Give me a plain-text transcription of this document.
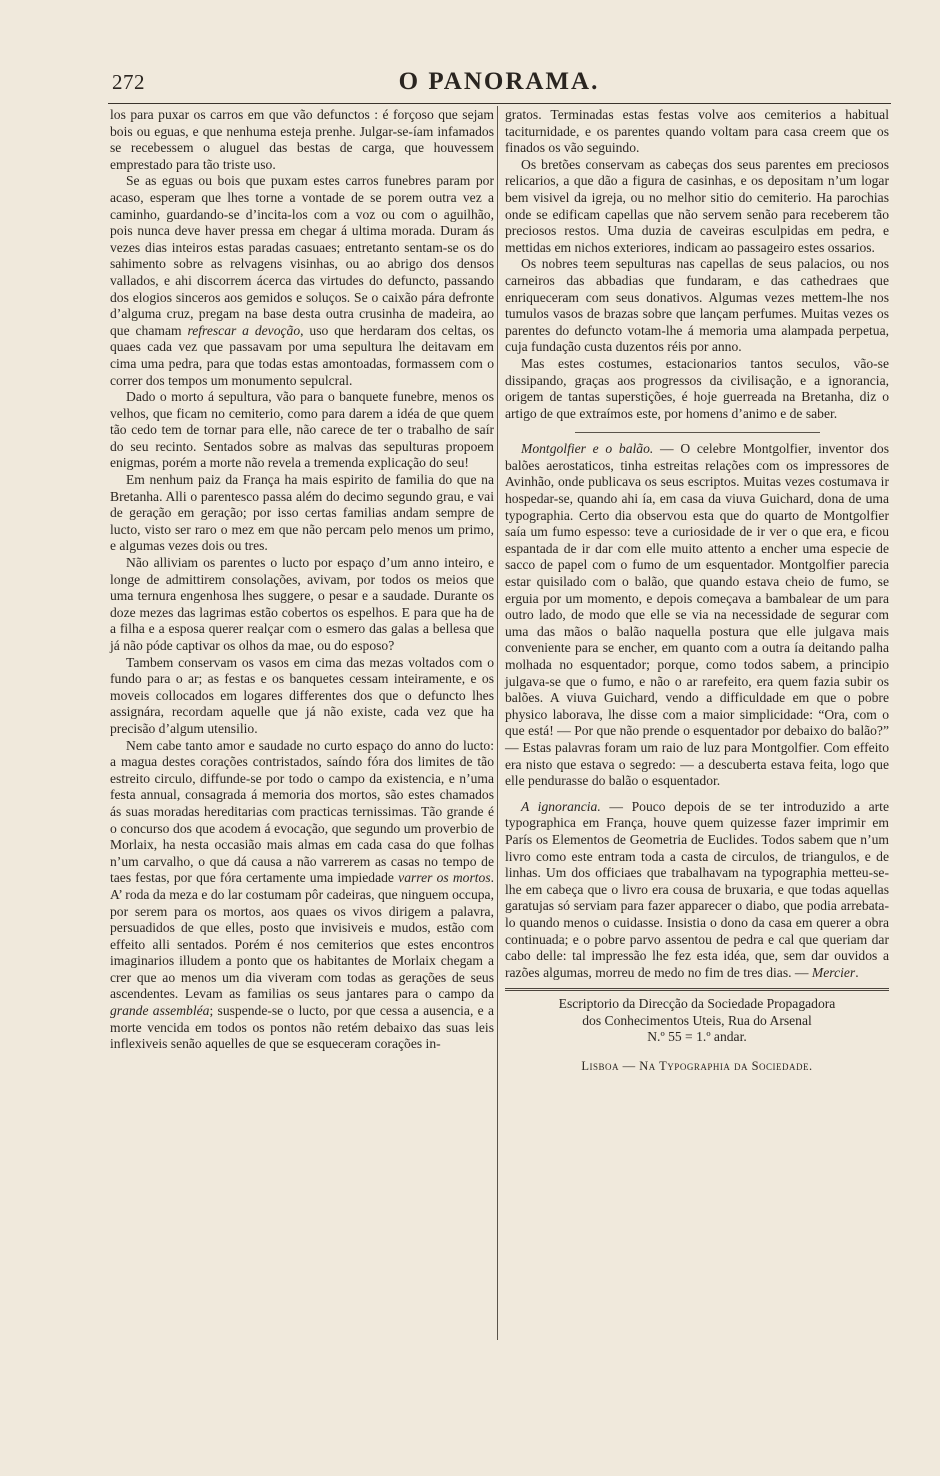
272	O PANORAMA.

los para puxar os carros em que vão defunctos : é forçoso que sejam bois ou eguas, e que nenhuma esteja prenhe. Julgar-se-íam infamados se recebessem o aluguel das bestas de carga, que houvessem emprestado para tão triste uso.

Se as eguas ou bois que puxam estes carros funebres param por acaso, esperam que lhes torne a vontade de se porem outra vez a caminho, guardando-se d’incita-los com a voz ou com o aguilhão, pois nunca deve haver pressa em chegar á ultima morada. Duram ás vezes dias inteiros estas paradas casuaes; entretanto sentam-se os do sahimento sobre as relvagens visinhas, ou ao abrigo dos densos vallados, e ahi discorrem ácerca das virtudes do defuncto, passando dos elogios sinceros aos gemidos e soluços. Se o caixão pára defronte d’alguma cruz, pregam na base desta outra crusinha de madeira, ao que chamam refrescar a devoção, uso que herdaram dos celtas, os quaes cada vez que passavam por uma sepultura lhe deitavam em cima uma pedra, para que todas estas amontoadas, formassem com o correr dos tempos um monumento sepulcral.

Dado o morto á sepultura, vão para o banquete funebre, menos os velhos, que ficam no cemiterio, como para darem a idéa de que quem tão cedo tem de tornar para elle, não carece de ter o trabalho de saír do seu recinto. Sentados sobre as malvas das sepulturas propoem enigmas, porém a morte não revela a tremenda explicação do seu!

Em nenhum paiz da França ha mais espirito de familia do que na Bretanha. Alli o parentesco passa além do decimo segundo grau, e vai de geração em geração; por isso certas familias andam sempre de lucto, visto ser raro o mez em que não percam pelo menos um primo, e algumas vezes dois ou tres.

Não alliviam os parentes o lucto por espaço d’um anno inteiro, e longe de admittirem consolações, avivam, por todos os meios que uma ternura engenhosa lhes suggere, o pesar e a saudade. Durante os doze mezes das lagrimas estão cobertos os espelhos. E para que ha de a filha e a esposa querer realçar com o esmero das galas a bellesa que já não póde captivar os olhos da mae, ou do esposo?

Tambem conservam os vasos em cima das mezas voltados com o fundo para o ar; as festas e os banquetes cessam inteiramente, e os moveis collocados em logares differentes dos que o defuncto lhes assignára, recordam aquelle que já não existe, cada vez que ha precisão d’algum utensilio.

Nem cabe tanto amor e saudade no curto espaço do anno do lucto: a magua destes corações contristados, saíndo fóra dos limites de tão estreito circulo, diffunde-se por todo o campo da existencia, e n’uma festa annual, consagrada á memoria dos mortos, são estes chamados ás suas moradas hereditarias com practicas ternissimas. Tão grande é o concurso dos que acodem á evocação, que segundo um proverbio de Morlaix, ha nesta occasião mais almas em cada casa do que folhas n’um carvalho, o que dá causa a não varrerem as casas no tempo de taes festas, por que fóra certamente uma impiedade varrer os mortos. A’ roda da meza e do lar costumam pôr cadeiras, que ninguem occupa, por serem para os mortos, aos quaes os vivos dirigem a palavra, persuadidos de que elles, posto que invisiveis e mudos, estão com effeito alli sentados. Porém é nos cemiterios que estes encontros imaginarios illudem a ponto que os habitantes de Morlaix chegam a crer que ao menos um dia viveram com todas as gerações de seus ascendentes. Levam as familias os seus jantares para o campo da grande assembléa; suspende-se o lucto, por que cessa a ausencia, e a morte vencida em todos os pontos não retém debaixo das suas leis inflexiveis senão aquelles de que se esqueceram corações in-

gratos. Terminadas estas festas volve aos cemiterios a habitual taciturnidade, e os parentes quando voltam para casa creem que os finados os vão seguindo.

Os bretões conservam as cabeças dos seus parentes em preciosos relicarios, a que dão a figura de casinhas, e os depositam n’um logar bem visivel da igreja, ou no melhor sitio do cemiterio. Ha parochias onde se edificam capellas que não servem senão para receberem tão preciosos restos. Uma duzia de caveiras esculpidas em pedra, e mettidas em nichos exteriores, indicam ao passageiro estes ossarios.

Os nobres teem sepulturas nas capellas de seus palacios, ou nos carneiros das abbadias que fundaram, e das cathedraes que enriqueceram com seus donativos. Algumas vezes mettem-lhe nos tumulos vasos de brazas sobre que lançam perfumes. Muitas vezes os parentes do defuncto votam-lhe á memoria uma alampada perpetua, cuja fundação custa duzentos réis por anno.

Mas estes costumes, estacionarios tantos seculos, vão-se dissipando, graças aos progressos da civilisação, e a ignorancia, origem de tantas superstições, é hoje guerreada na Bretanha, diz o artigo de que extraímos este, por homens d’animo e de saber.

Montgolfier e o balão. — O celebre Montgolfier, inventor dos balões aerostaticos, tinha estreitas relações com os impressores de Avinhão, onde publicava os seus escriptos. Muitas vezes costumava ir hospedar-se, quando ahi ía, em casa da viuva Guichard, dona de uma typographia. Certo dia observou esta que do quarto de Montgolfier saía um fumo espesso: teve a curiosidade de ir ver o que era, e ficou espantada de ir dar com elle muito attento a encher uma especie de sacco de papel com o fumo de um esquentador. Montgolfier parecia estar quisilado com o balão, que quando estava cheio de fumo, se erguia por um momento, e depois começava a bambalear de um para outro lado, de modo que elle se via na necessidade de segurar com uma das mãos o balão naquella postura que elle julgava mais conveniente para se encher, em quanto com a outra ía deitando palha molhada no esquentador; porque, como todos sabem, a principio julgava-se que o fumo, e não o ar rarefeito, era quem fazia subir os balões. A viuva Guichard, vendo a difficuldade em que o pobre physico laborava, lhe disse com a maior simplicidade: “Ora, com o que está! — Por que não prende o esquentador por debaixo do balão?” — Estas palavras foram um raio de luz para Montgolfier. Com effeito era nisto que estava o segredo: — a descuberta estava feita, logo que elle pendurasse do balão o esquentador.

A ignorancia. — Pouco depois de se ter introduzido a arte typographica em França, houve quem quizesse fazer imprimir em París os Elementos de Geometria de Euclides. Todos sabem que n’um livro como este entram toda a casta de circulos, de triangulos, e de linhas. Um dos officiaes que trabalhavam na typographia metteu-se-lhe em cabeça que o livro era cousa de bruxaria, e que todas aquellas garatujas só serviam para fazer apparecer o diabo, que podia arrebata-lo quando menos o cuidasse. Insistia o dono da casa em querer a obra continuada; e o pobre parvo assentou de pedra e cal que queriam dar cabo delle: tal impressão lhe fez esta idéa, que, sem dar ouvidos a razões algumas, morreu de medo no fim de tres dias. — Mercier.

Escriptorio da Direcção da Sociedade Propagadora

dos Conhecimentos Uteis, Rua do Arsenal

N.º 55 = 1.º andar.

Lisboa — Na Typographia da Sociedade.
